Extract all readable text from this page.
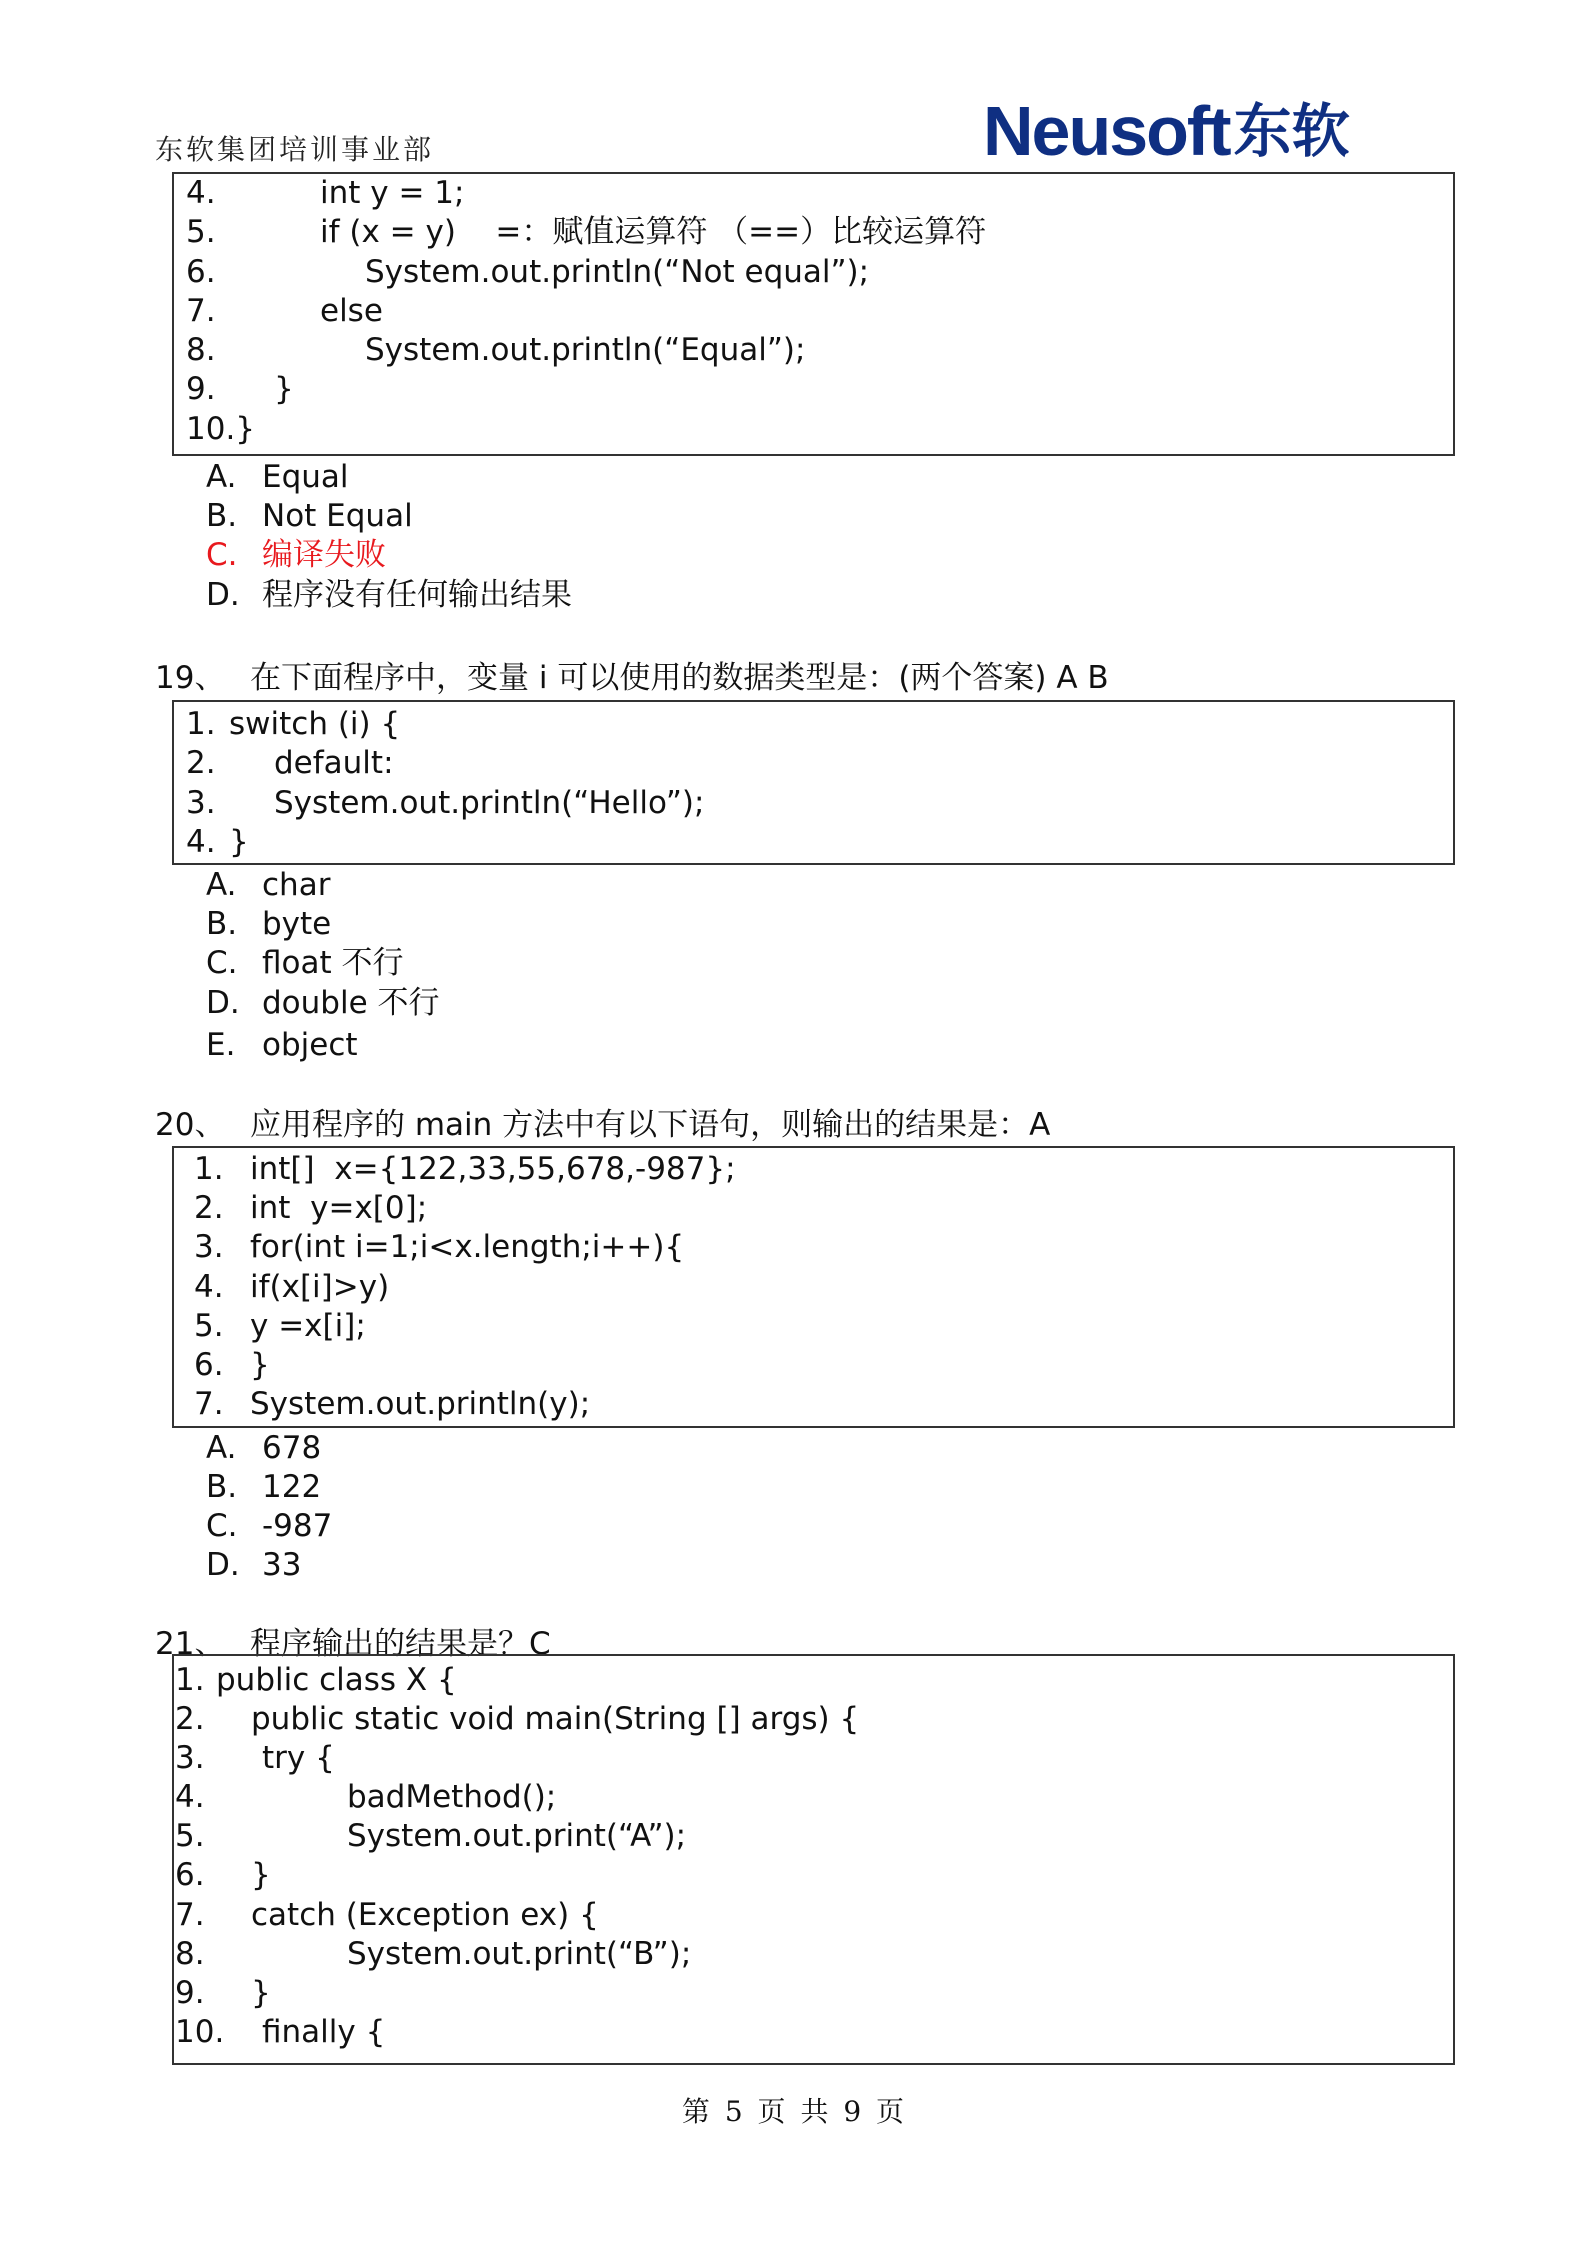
东软集团培训事业部	Neusoft 东软

4.

	int y = 1;

5.

	if (x = y)    =：赋值运算符 （==）比较运算符

6.

	System.out.println(“Not equal”);

7.

	else

8.

	System.out.println(“Equal”);

9.

}

10.}

A. Equal
B. Not Equal
C. 编译失败
D. 程序没有任何输出结果
19、 在下面程序中，变量 i 可以使用的数据类型是：(两个答案) A B

1.

switch (i) {

2.

default:

3.

System.out.println(“Hello”);

4.

}

A. char
B. byte
C. float 不行
D. double 不行
E. object
20、 应用程序的 main 方法中有以下语句，则输出的结果是：A

1.

int[]  x={122,33,55,678,-987};

2.

int  y=x[0];

3.

for(int i=1;i<x.length;i++){

4.

if(x[i]>y)

5.

y =x[i];

6.

}

7.

System.out.println(y);

A. 678
B. 122
C. -987
D. 33
21、 程序输出的结果是？C

1.

public class X {

2.

public static void main(String [] args) {

3.

try {

4.

	badMethod();

5.

	System.out.print(“A”);

6.

}

7.

catch (Exception ex) {

8.

	System.out.print(“B”);

9.

}

10.

finally {

第 5 页 共 9 页
